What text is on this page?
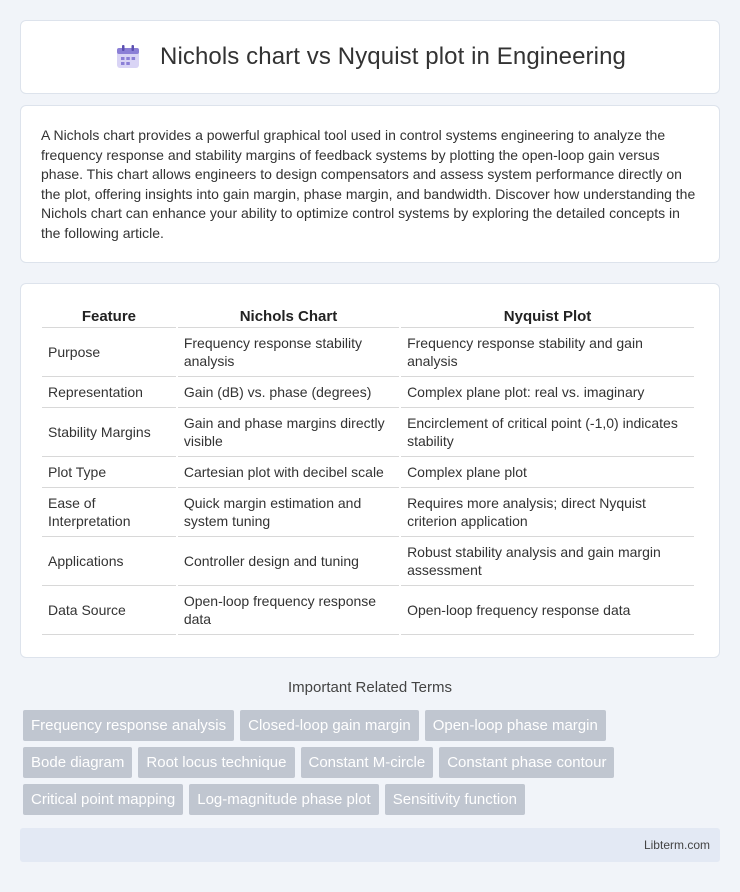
Nichols chart vs Nyquist plot in Engineering

A Nichols chart provides a powerful graphical tool used in control systems engineering to analyze the frequency response and stability margins of feedback systems by plotting the open-loop gain versus phase. This chart allows engineers to design compensators and assess system performance directly on the plot, offering insights into gain margin, phase margin, and bandwidth. Discover how understanding the Nichols chart can enhance your ability to optimize control systems by exploring the detailed concepts in the following article.

Feature	Nichols Chart	Nyquist Plot
Purpose	Frequency response stability analysis	Frequency response stability and gain analysis
Representation	Gain (dB) vs. phase (degrees)	Complex plane plot: real vs. imaginary
Stability Margins	Gain and phase margins directly visible	Encirclement of critical point (-1,0) indicates stability
Plot Type	Cartesian plot with decibel scale	Complex plane plot
Ease of Interpretation	Quick margin estimation and system tuning	Requires more analysis; direct Nyquist criterion application
Applications	Controller design and tuning	Robust stability analysis and gain margin assessment
Data Source	Open-loop frequency response data	Open-loop frequency response data
Important Related Terms
Frequency response analysis	Closed-loop gain margin	Open-loop phase margin
Bode diagram	Root locus technique	Constant M-circle	Constant phase contour
Critical point mapping	Log-magnitude phase plot	Sensitivity function
Libterm.com
